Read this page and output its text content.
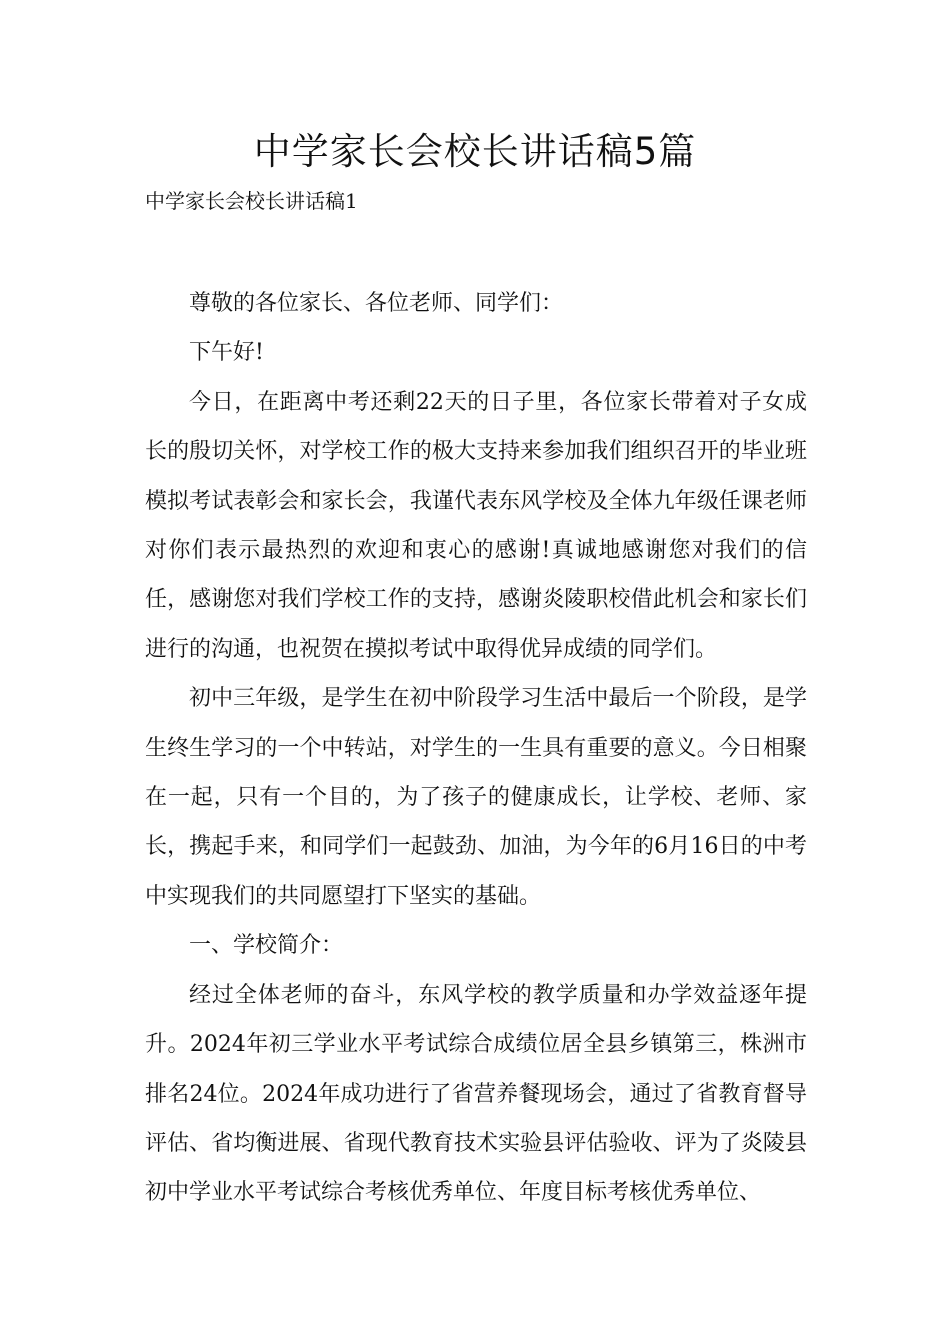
中学家长会校长讲话稿5篇
中学家长会校长讲话稿1

尊敬的各位家长、各位老师、同学们：

下午好!

今日，在距离中考还剩22天的日子里，各位家长带着对子女成长的殷切关怀，对学校工作的极大支持来参加我们组织召开的毕业班模拟考试表彰会和家长会，我谨代表东风学校及全体九年级任课老师对你们表示最热烈的欢迎和衷心的感谢!真诚地感谢您对我们的信任，感谢您对我们学校工作的支持，感谢炎陵职校借此机会和家长们进行的沟通，也祝贺在摸拟考试中取得优异成绩的同学们。

初中三年级，是学生在初中阶段学习生活中最后一个阶段，是学生终生学习的一个中转站，对学生的一生具有重要的意义。今日相聚在一起，只有一个目的，为了孩子的健康成长，让学校、老师、家长，携起手来，和同学们一起鼓劲、加油，为今年的6月16日的中考中实现我们的共同愿望打下坚实的基础。

一、学校简介：

经过全体老师的奋斗，东风学校的教学质量和办学效益逐年提升。2024年初三学业水平考试综合成绩位居全县乡镇第三，株洲市排名24位。2024年成功进行了省营养餐现场会，通过了省教育督导评估、省均衡进展、省现代教育技术实验县评估验收、评为了炎陵县初中学业水平考试综合考核优秀单位、年度目标考核优秀单位、
